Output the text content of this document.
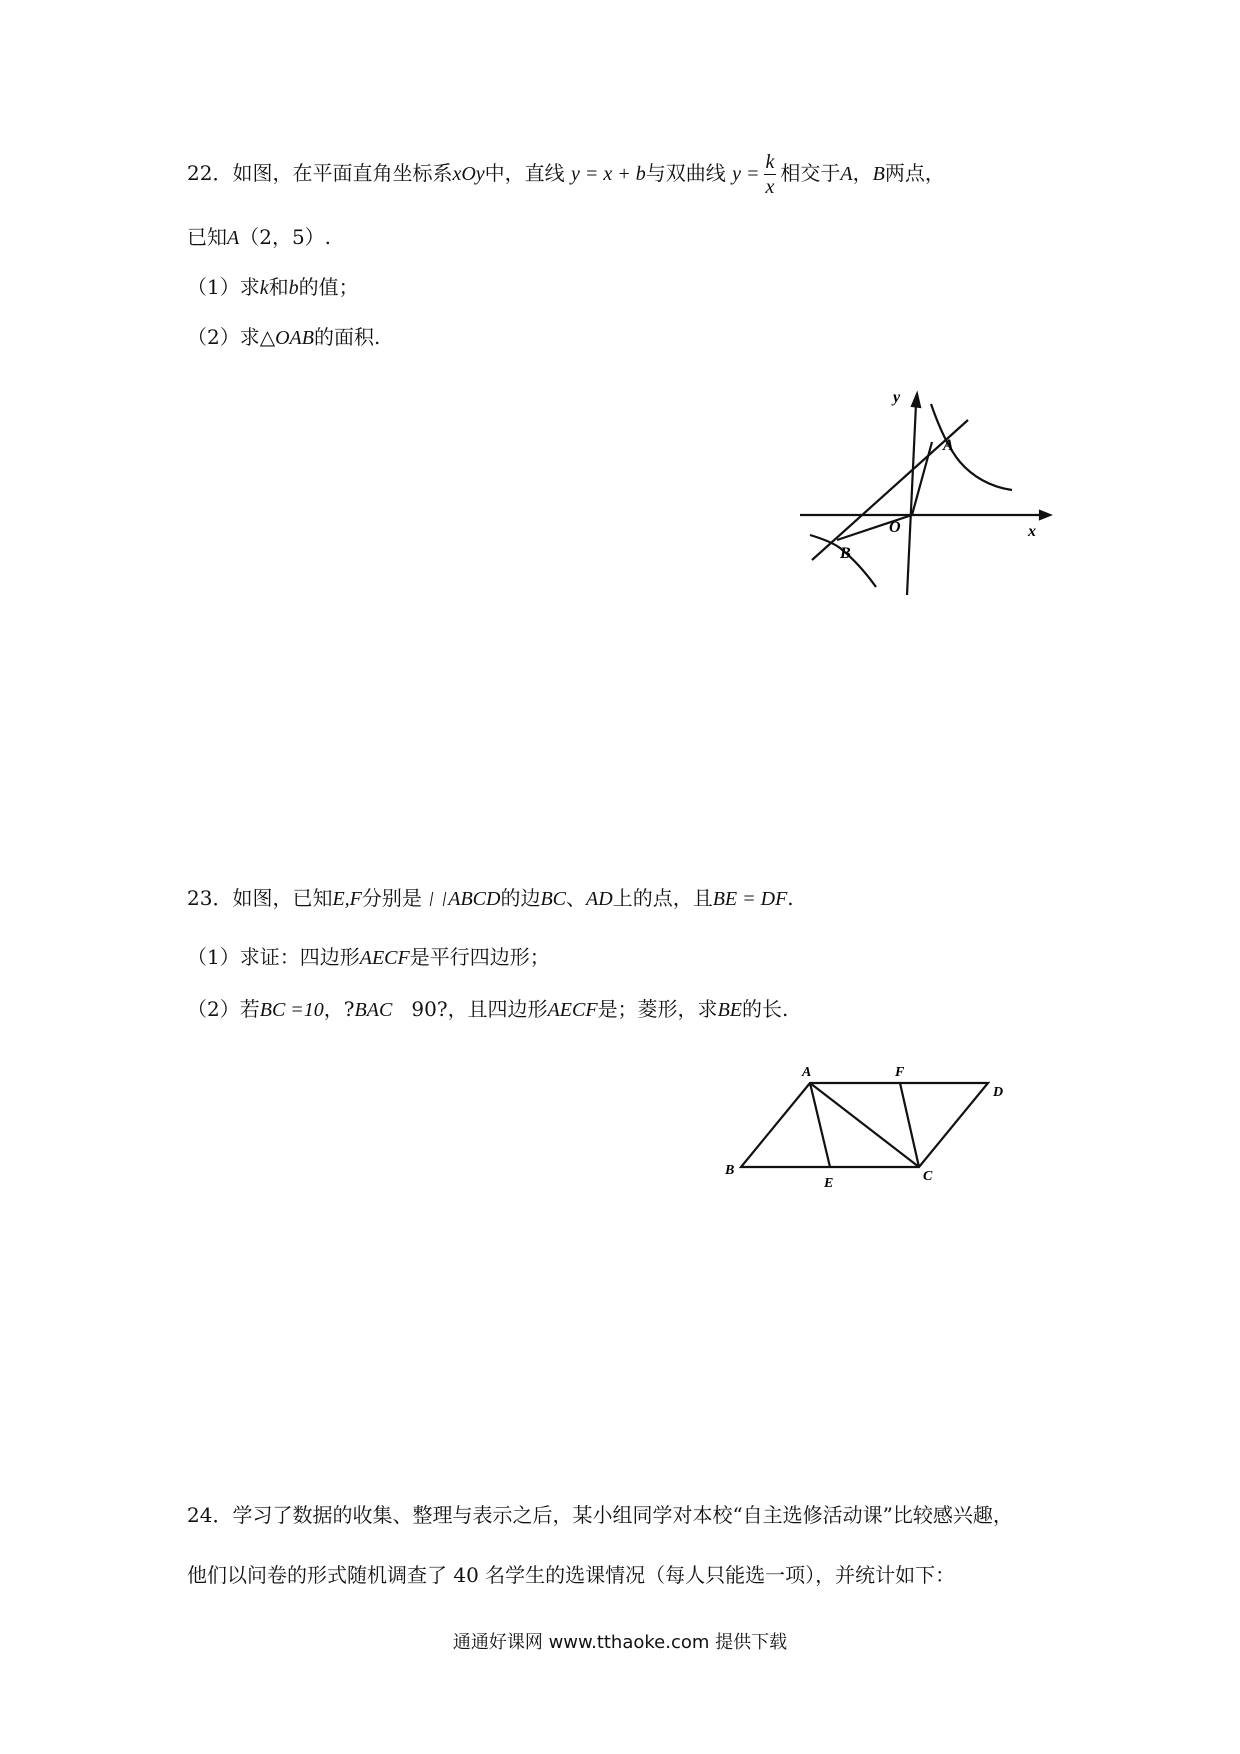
22．如图，在平面直角坐标系xOy中，直线 y = x + b与双曲线 $y = \frac{k}{x}$ 相交于A，B两点，
已知A（2，5）.
（1）求k和b的值；
（2）求△OAB的面积.
y
x
O
A
B
23．如图，已知E,F分别是 ABCD的边BC、AD上的点，且BE = DF.
（1）求证：四边形AECF是平行四边形；
（2）若BC =10，?BAC 90?，且四边形AECF是；菱形，求BE的长.
A	F
D
B
E	C
24．学习了数据的收集、整理与表示之后，某小组同学对本校“自主选修活动课”比较感兴趣，
他们以问卷的形式随机调查了 40 名学生的选课情况（每人只能选一项），并统计如下：
通通好课网 www.tthaoke.com 提供下载
